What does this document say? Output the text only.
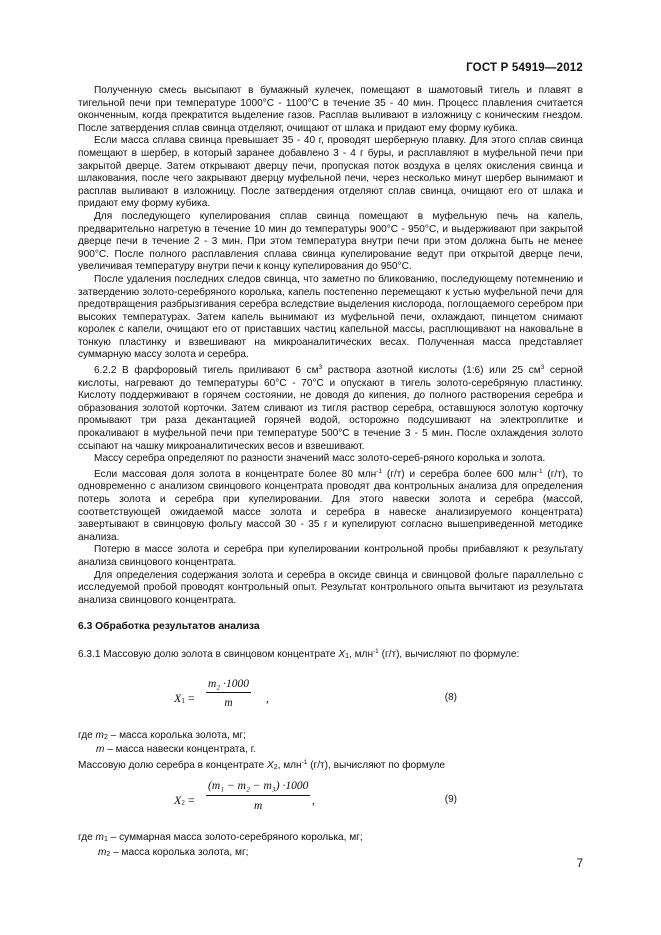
ГОСТ Р 54919—2012

Полученную смесь высыпают в бумажный кулечек, помещают в шамотовый тигель и плавят в тигельной печи при температуре 1000°С - 1100°С в течение 35 - 40 мин. Процесс плавления считается оконченным, когда прекратится выделение газов. Расплав выливают в изложницу с коническим гнездом. После затвердения сплав свинца отделяют, очищают от шлака и придают ему форму кубика.

Если масса сплава свинца превышает 35 - 40 г, проводят шерберную плавку. Для этого сплав свинца помещают в шербер, в который заранее добавлено 3 - 4 г буры, и расплавляют в муфельной печи при закрытой дверце. Затем открывают дверцу печи, пропуская поток воздуха в целях окисления свинца и шлакования, после чего закрывают дверцу муфельной печи, через несколько минут шербер вынимают и расплав выливают в изложницу. После затвердения отделяют сплав свинца, очищают его от шлака и придают ему форму кубика.

Для последующего купелирования сплав свинца помещают в муфельную печь на капель, предварительно нагретую в течение 10 мин до температуры 900°С - 950°С, и выдерживают при закрытой дверце печи в течение 2 - 3 мин. При этом температура внутри печи при этом должна быть не менее 900°С. После полного расплавления сплава свинца купелирование ведут при открытой дверце печи, увеличивая температуру внутри печи к концу купелирования до 950°С.

После удаления последних следов свинца, что заметно по бликованию, последующему потемнению и затвердению золото-серебряного королька, капель постепенно перемещают к устью муфельной печи для предотвращения разбрызгивания серебра вследствие выделения кислорода, поглощаемого серебром при высоких температурах. Затем капель вынимают из муфельной печи, охлаждают, пинцетом снимают королек с капели, очищают его от приставших частиц капельной массы, расплющивают на наковальне в тонкую пластинку и взвешивают на микроаналитических весах. Полученная масса представляет суммарную массу золота и серебра.

6.2.2 В фарфоровый тигель приливают 6 $см^3$ раствора азотной кислоты (1:6) или 25 $см^3$ серной кислоты, нагревают до температуры 60°С - 70°С и опускают в тигель золото-серебряную пластинку. Кислоту поддерживают в горячем состоянии, не доводя до кипения, до полного растворения серебра и образования золотой корточки. Затем сливают из тигля раствор серебра, оставшуюся золотую корточку промывают три раза декантацией горячей водой, осторожно подсушивают на электроплитке и прокаливают в муфельной печи при температуре 500°С в течение 3 - 5 мин. После охлаждения золото ссыпают на чашку микроаналитических весов и взвешивают.

Массу серебра определяют по разности значений масс золото-сереб-ряного королька и золота.

Если массовая доля золота в концентрате более 80 млн$^{-1}$ (г/т) и серебра более 600 млн$^{-1}$ (г/т), то одновременно с анализом свинцового концентрата проводят два контрольных анализа для определения потерь золота и серебра при купелировании. Для этого навески золота и серебра (массой, соответствующей ожидаемой массе золота и серебра в навеске анализируемого концентрата) завертывают в свинцовую фольгу массой 30 - 35 г и купелируют согласно вышеприведенной методике анализа.

Потерю в массе золота и серебра при купелировании контрольной пробы прибавляют к результату анализа свинцового концентрата.

Для определения содержания золота и серебра в оксиде свинца и свинцовой фольге параллельно с исследуемой пробой проводят контрольный опыт. Результат контрольного опыта вычитают из результата анализа свинцового концентрата.

6.3 Обработка результатов анализа

6.3.1 Массовую долю золота в свинцовом концентрате X1, млн$^{-1}$ (г/т), вычисляют по формуле:

$X1 = \frac{\text{m₂ ·1000}}{m}$ ,	(8)

где m2 – масса королька золота, мг;

m – масса навески концентрата, г.

Массовую долю серебра в концентрате X2, млн$^{-1}$ (г/т), вычисляют по формуле

$X2 = \frac{\text{(m₁ − m₂ − m₃) ·1000}}{m}$ ,	(9)

где m1 – суммарная масса золото-серебряного королька, мг;

m2 – масса королька золота, мг;

7
